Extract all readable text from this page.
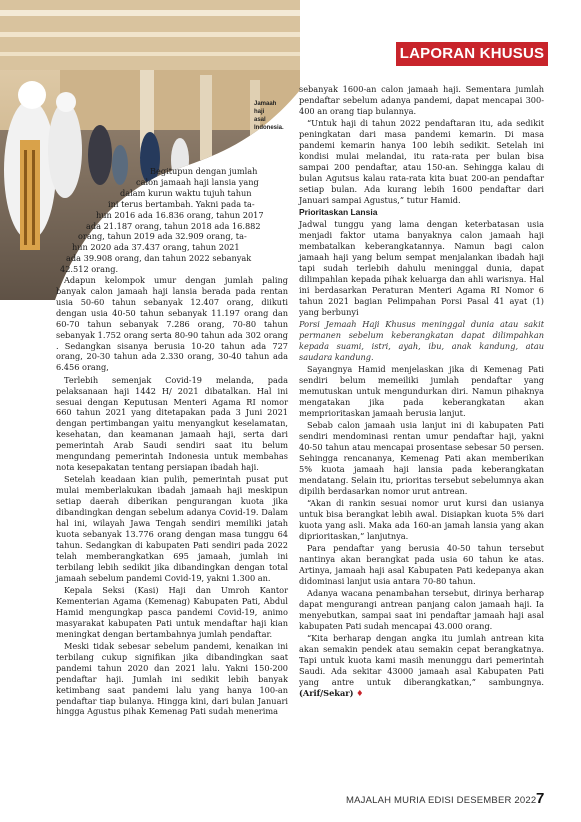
Jamaah
haji
asal
Indonesia.
LAPORAN KHUSUS

Begitupun dengan jumlah

calon jamaah haji lansia yang

dalam kurun waktu tujuh tahun

ini terus bertambah. Yakni pada ta-

hun 2016 ada 16.836 orang, tahun 2017

ada 21.187 orang, tahun 2018 ada 16.882

orang, tahun 2019 ada 32.909 orang, ta-

hun 2020 ada 37.437 orang, tahun 2021

ada 39.908 orang, dan tahun 2022 sebanyak

42.512 orang.

Adapun kelompok umur dengan jumlah paling banyak calon jamaah haji lansia berada pada rentan usia 50-60 tahun sebanyak 12.407 orang, diikuti dengan usia 40-50 tahun sebanyak 11.197 orang dan 60-70 tahun sebanyak 7.286 orang, 70-80 tahun sebanyak 1.752 orang serta 80-90 tahun ada 302 orang . Sedangkan sisanya berusia 10-20 tahun ada 727 orang, 20-30 tahun ada 2.330 orang, 30-40 tahun ada 6.456 orang,

Terlebih semenjak Covid-19 melanda, pada pelaksanaan haji 1442 H/ 2021 dibatalkan. Hal ini sesuai dengan Keputusan Menteri Agama RI nomor 660 tahun 2021 yang ditetapakan pada 3 Juni 2021 dengan pertimbangan yaitu menyangkut keselamatan, kesehatan, dan keamanan jamaah haji, serta dari pemerintah Arab Saudi sendiri saat itu belum mengundang pemerintah Indonesia untuk membahas nota kesepakatan tentang persiapan ibadah haji.

Setelah keadaan kian pulih, pemerintah pusat put mulai memberlakukan ibadah jamaah haji meskipun setiap daerah diberikan pengurangan kuota jika dibandingkan dengan sebelum adanya Covid-19. Dalam hal ini, wilayah Jawa Tengah sendiri memiliki jatah kuota sebanyak 13.776 orang dengan masa tunggu 64 tahun. Sedangkan di kabupaten Pati sendiri pada 2022 telah memberangkatkan 695 jamaah, jumlah ini terbilang lebih sedikit jika dibandingkan dengan total jamaah sebelum pandemi Covid-19, yakni 1.300 an.

Kepala Seksi (Kasi) Haji dan Umroh Kantor Kementerian Agama (Kemenag) Kabupaten Pati, Abdul Hamid mengungkap pasca pandemi Covid-19, animo masyarakat kabupaten Pati untuk mendaftar haji kian meningkat dengan bertambahnya jumlah pendaftar.

Meski tidak sebesar sebelum pandemi, kenaikan ini terbilang cukup signifikan jika dibandingkan saat pandemi tahun 2020 dan 2021 lalu. Yakni 150-200 pendaftar haji. Jumlah ini sedikit lebih banyak ketimbang saat pandemi lalu yang hanya 100-an pendaftar tiap bulanya. Hingga kini, dari bulan Januari hingga Agustus pihak Kemenag Pati sudah menerima

sebanyak 1600-an calon jamaah haji. Sementara jumlah pendaftar sebelum adanya pandemi, dapat mencapai 300-400 an orang tiap bulannya.

“Untuk haji di tahun 2022 pendaftaran itu, ada sedikit peningkatan dari masa pandemi kemarin. Di masa pandemi kemarin hanya 100 lebih sedikit. Setelah ini kondisi mulai melandai, itu rata-rata per bulan bisa sampai 200 pendaftar, atau 150-an. Sehingga kalau di bulan Agutsus kalau rata-rata kita buat 200-an pendaftar setiap bulan. Ada kurang lebih 1600 pendaftar dari Januari sampai Agustus,” tutur Hamid.

Prioritaskan Lansia

Jadwal tunggu yang lama dengan keterbatasan usia menjadi faktor utama banyaknya calon jamaah haji membatalkan keberangkatannya. Namun bagi calon jamaah haji yang belum sempat menjalankan ibadah haji tapi sudah terlebih dahulu meninggal dunia, dapat dilimpahlan kepada pihak keluarga dan ahli warisnya. Hal ini berdasarkan Peraturan Menteri Agama RI Nomor 6 tahun 2021 bagian Pelimpahan Porsi Pasal 41 ayat (1) yang berbunyi

Porsi Jemaah Haji Khusus meninggal dunia atau sakit permanen sebelum keberangkatan dapat dilimpahkan kepada suami, istri, ayah, ibu, anak kandung, atau saudara kandung.

Sayangnya Hamid menjelaskan jika di Kemenag Pati sendiri belum memeiliki jumlah pendaftar yang memutuskan untuk mengundurkan diri. Namun pihaknya mengatakan jika pada keberangkatan akan memprioritaskan jamaah berusia lanjut.

Sebab calon jamaah usia lanjut ini di kabupaten Pati sendiri mendominasi rentan umur pendaftar haji, yakni 40-50 tahun atau mencapai prosentase sebesar 50 persen. Sehingga rencananya, Kemenag Pati akan memberikan 5% kuota jamaah haji lansia pada keberangkatan mendatang. Selain itu, prioritas tersebut sebelumnya akan dipilih berdasarkan nomor urut antrean.

“Akan di rankin sesuai nomor urut kursi dan usianya untuk bisa berangkat lebih awal. Disiapkan kuota 5% dari kuota yang asli. Maka ada 160-an jamah lansia yang akan diprioritaskan,” lanjutnya.

Para pendaftar yang berusia 40-50 tahun tersebut nantinya akan berangkat pada usia 60 tahun ke atas. Artinya, jamaah haji asal Kabupaten Pati kedepanya akan didominasi lanjut usia antara 70-80 tahun.

Adanya wacana penambahan tersebut, dirinya berharap dapat mengurangi antrean panjang calon jamaah haji. Ia menyebutkan, sampai saat ini pendaftar jamaah haji asal kabupaten Pati sudah mencapai 43.000 orang.

“Kita berharap dengan angka itu jumlah antrean kita akan semakin pendek atau semakin cepat berangkatnya. Tapi untuk kuota kami masih menunggu dari pemerintah Saudi. Ada sekitar 43000 jamaah asal Kabupaten Pati yang antre untuk diberangkatkan,” sambungnya. (Arif/Sekar) ♦

MAJALAH MURIA EDISI DESEMBER 2022 7
